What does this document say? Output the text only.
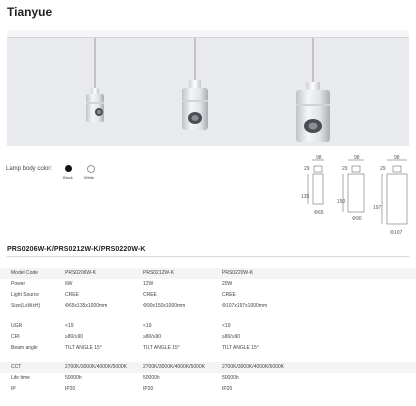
Tianyue
Lamp body color:
Black	White
98
29
135
Φ65
98
29
150
Φ90
98
29
197
Φ107
PRS0206W-K/PRS0212W-K/PRS0220W-K
Model Code	PRS0206W-K	PRS0212W-K	PRS0220W-K
Power	6W	12W	20W
Light Source	CREE	CREE	CREE
Size(LxWxH)	Φ65x135x1000mm	Φ90x150x1000mm	Φ107x197x1000mm
UGR	<19	<19	<19
CRI	≥80/≥90	≥80/≥90	≥80/≥90
Beam angle	TILT ANGLE 15°	TILT ANGLE 15°	TILT ANGLE 15°
CCT	2700K/3000K/4000K/5000K	2700K/3000K/4000K/5000K	2700K/3000K/4000K/5000K
Life time	50000h	50000h	50000h
IP	IP20	IP20	IP20
